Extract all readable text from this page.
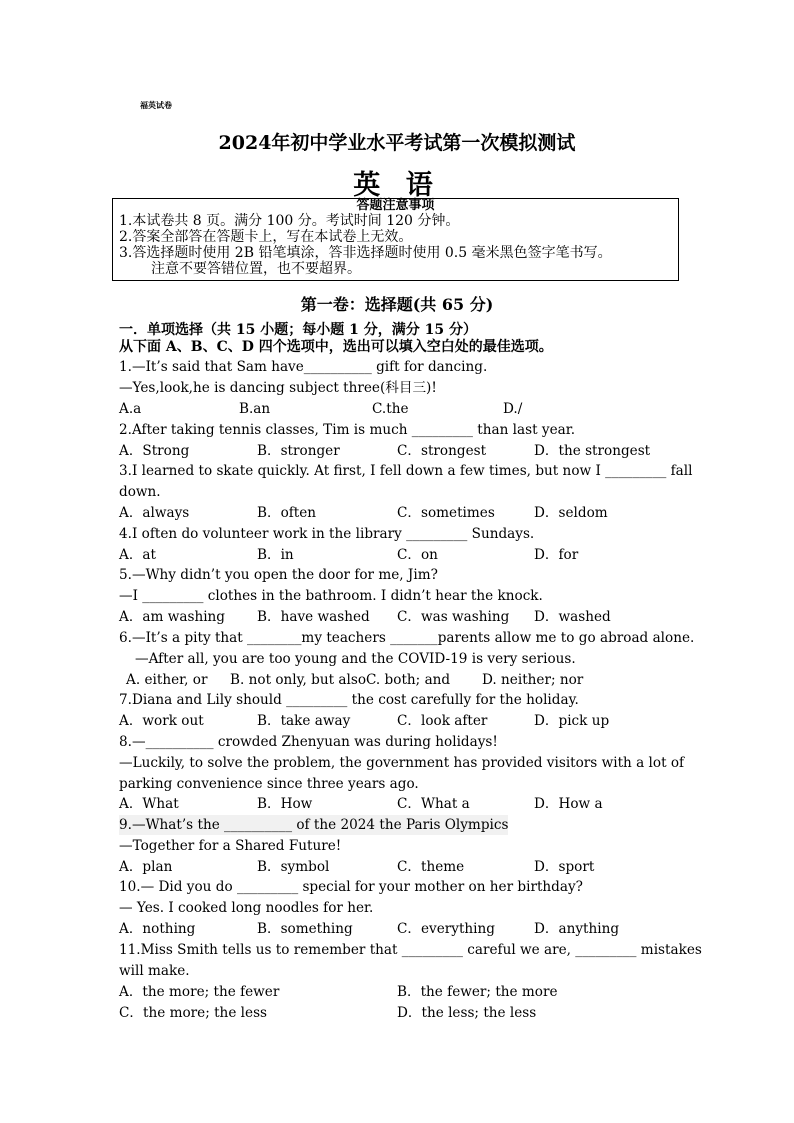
福英试卷
2024年初中学业水平考试第一次模拟测试
英 语
答题注意事项
1.本试卷共 8 页。满分 100 分。考试时间 120 分钟。
2.答案全部答在答题卡上，写在本试卷上无效。
3.答选择题时使用 2B 铅笔填涂，答非选择题时使用 0.5 毫米黑色签字笔书写。
注意不要答错位置，也不要超界。
第一卷：选择题(共 65 分)
一．单项选择（共 15 小题；每小题 1 分，满分 15 分）
从下面 A、B、C、D 四个选项中，选出可以填入空白处的最佳选项。
1.—It’s said that Sam have__________ gift for dancing.
—Yes,look,he is dancing subject three(科目三)!
A.a	B.an	C.the	D./
2.After taking tennis classes, Tim is much _________ than last year.
A．Strong	B．stronger	C．strongest	D．the strongest
3.I learned to skate quickly. At first, I fell down a few times, but now I _________ fall
down.
A．always	B．often	C．sometimes	D．seldom
4.I often do volunteer work in the library _________ Sundays.
A．at	B．in	C．on	D．for
5.—Why didn’t you open the door for me, Jim?
—I _________ clothes in the bathroom. I didn’t hear the knock.
A．am washing B．have washed C．was washing D．washed
6.—It’s a pity that ________my teachers _______parents allow me to go abroad alone.
—After all, you are too young and the COVID-19 is very serious.
A. either, or B. not only, but also C. both; and D. neither; nor
7.Diana and Lily should _________ the cost carefully for the holiday.
A．work out	B．take away	C．look after	D．pick up
8.—__________ crowded Zhenyuan was during holidays!
—Luckily, to solve the problem, the government has provided visitors with a lot of
parking convenience since three years ago.
A．What	B．How	C．What a	D．How a
9.—What’s the __________ of the 2024 the Paris Olympics
—Together for a Shared Future!
A．plan	B．symbol	C．theme	D．sport
10.— Did you do _________ special for your mother on her birthday?
— Yes. I cooked long noodles for her.
A．nothing	B．something	C．everything	D．anything
11.Miss Smith tells us to remember that _________ careful we are, _________ mistakes
will make.
A．the more; the fewer	B．the fewer; the more
C．the more; the less	D．the less; the less
